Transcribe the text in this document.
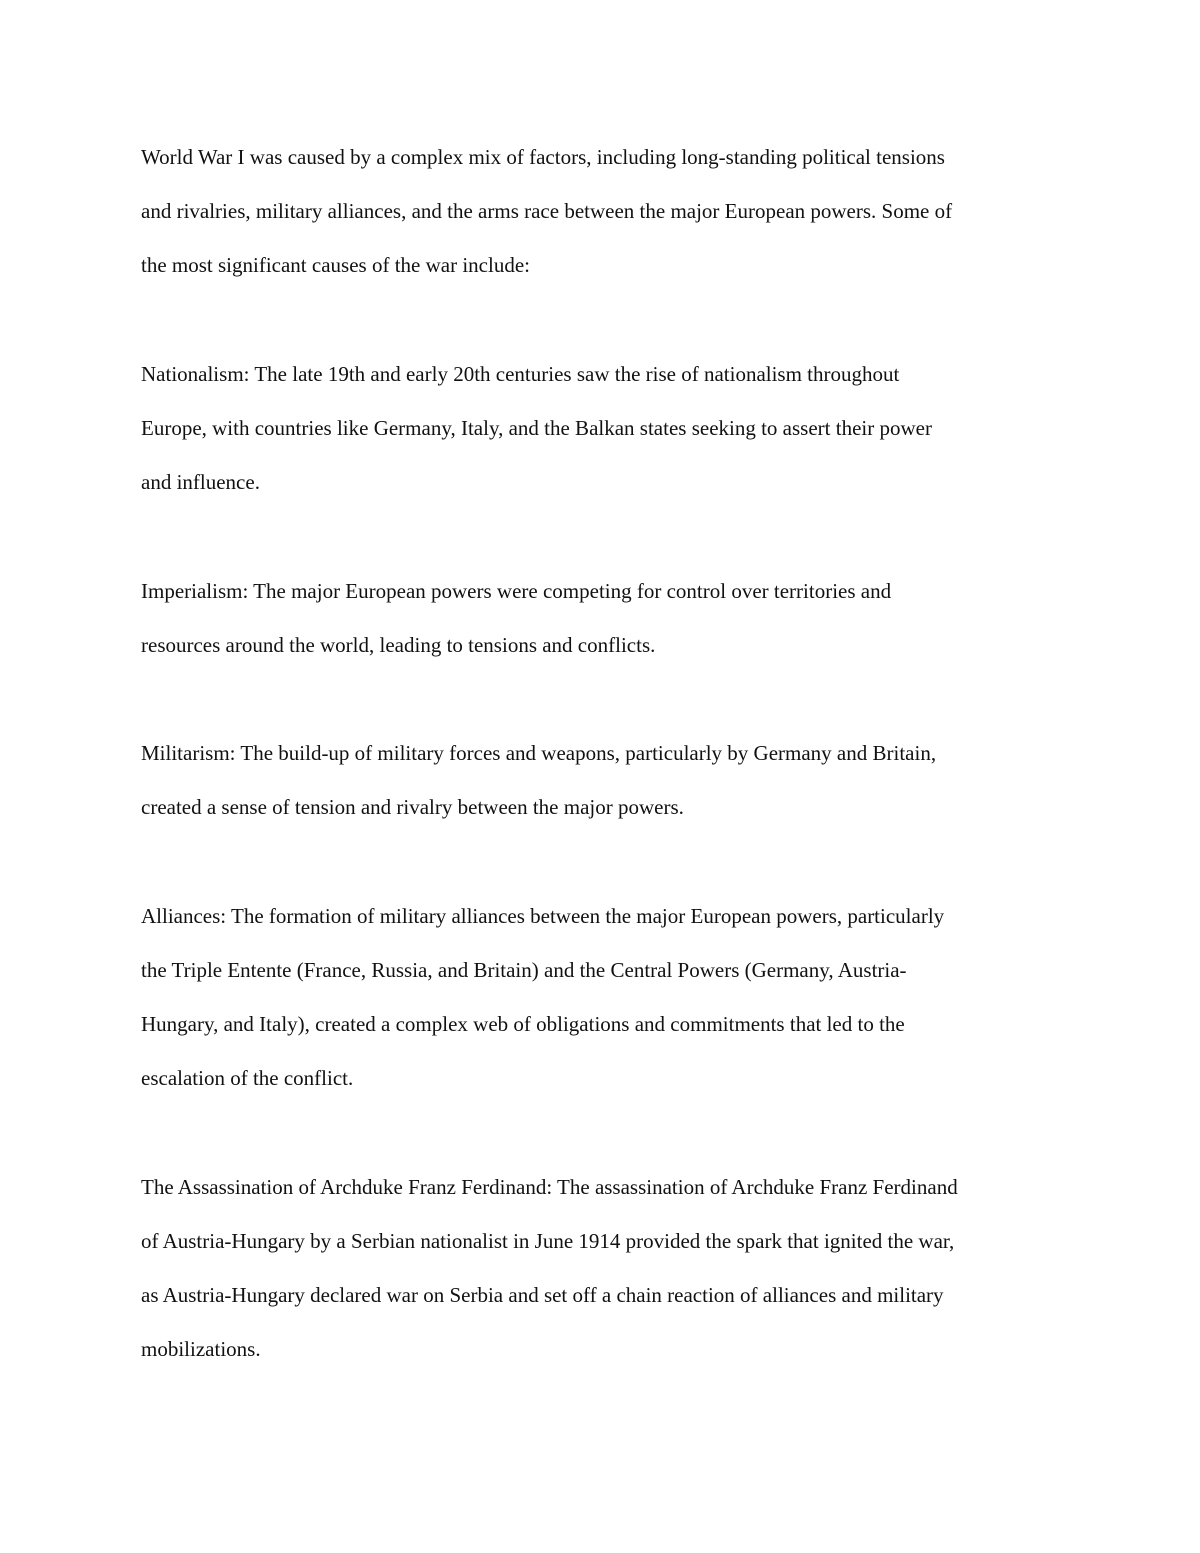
World War I was caused by a complex mix of factors, including long-standing political tensions
and rivalries, military alliances, and the arms race between the major European powers. Some of
the most significant causes of the war include:

Nationalism: The late 19th and early 20th centuries saw the rise of nationalism throughout
Europe, with countries like Germany, Italy, and the Balkan states seeking to assert their power
and influence.

Imperialism: The major European powers were competing for control over territories and
resources around the world, leading to tensions and conflicts.

Militarism: The build-up of military forces and weapons, particularly by Germany and Britain,
created a sense of tension and rivalry between the major powers.

Alliances: The formation of military alliances between the major European powers, particularly
the Triple Entente (France, Russia, and Britain) and the Central Powers (Germany, Austria-
Hungary, and Italy), created a complex web of obligations and commitments that led to the
escalation of the conflict.

The Assassination of Archduke Franz Ferdinand: The assassination of Archduke Franz Ferdinand
of Austria-Hungary by a Serbian nationalist in June 1914 provided the spark that ignited the war,
as Austria-Hungary declared war on Serbia and set off a chain reaction of alliances and military
mobilizations.
